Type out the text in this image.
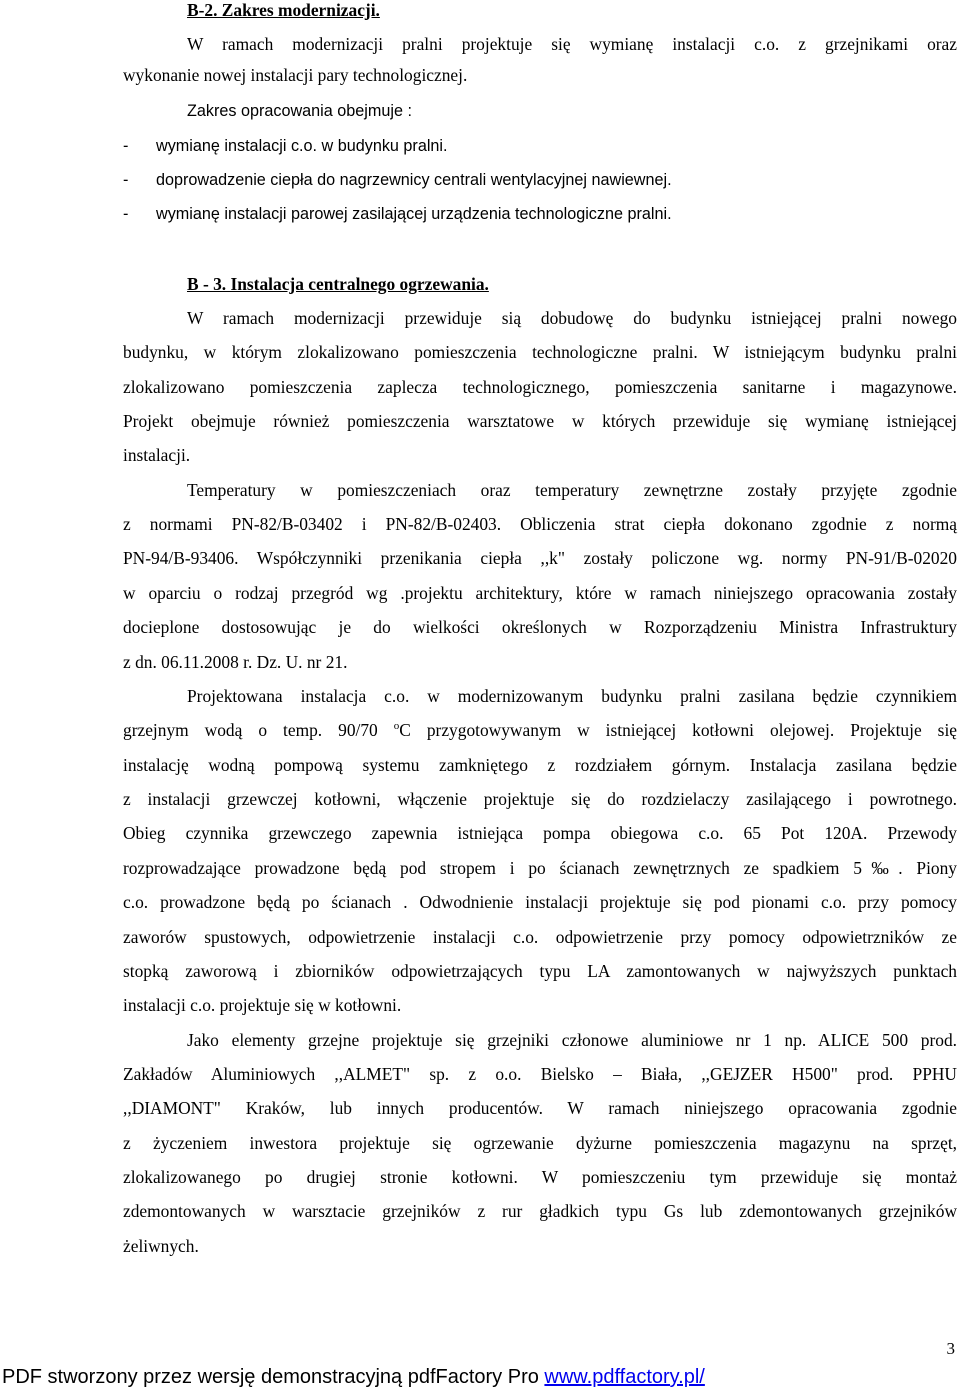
B-2. Zakres modernizacji.
W ramach modernizacji pralni projektuje się wymianę instalacji c.o. z grzejnikami oraz
wykonanie nowej instalacji pary technologicznej.
Zakres opracowania obejmuje :
- wymianę instalacji c.o. w budynku pralni.
- doprowadzenie ciepła do nagrzewnicy centrali wentylacyjnej nawiewnej.
- wymianę instalacji parowej zasilającej urządzenia technologiczne pralni.
B - 3. Instalacja centralnego ogrzewania.
W ramach modernizacji przewiduje sią dobudowę do budynku istniejącej pralni nowego
budynku, w którym zlokalizowano pomieszczenia technologiczne pralni. W istniejącym budynku pralni
zlokalizowano pomieszczenia zaplecza technologicznego, pomieszczenia sanitarne i magazynowe.
Projekt obejmuje również pomieszczenia warsztatowe w których przewiduje się wymianę istniejącej
instalacji.
Temperatury w pomieszczeniach oraz temperatury zewnętrzne zostały przyjęte zgodnie
z normami PN-82/B-03402 i PN-82/B-02403. Obliczenia strat ciepła dokonano zgodnie z normą
PN-94/B-93406. Współczynniki przenikania ciepła ,,k" zostały policzone wg. normy PN-91/B-02020
w oparciu o rodzaj przegród wg .projektu architektury, które w ramach niniejszego opracowania zostały
docieplone dostosowując je do wielkości określonych w Rozporządzeniu Ministra Infrastruktury
z dn. 06.11.2008 r. Dz. U. nr 21.
Projektowana instalacja c.o. w modernizowanym budynku pralni zasilana będzie czynnikiem
grzejnym wodą o temp. 90/70 $^o$C przygotowywanym w istniejącej kotłowni olejowej. Projektuje się
instalację wodną pompową systemu zamkniętego z rozdziałem górnym. Instalacja zasilana będzie
z instalacji grzewczej kotłowni, włączenie projektuje się do rozdzielaczy zasilającego i powrotnego.
Obieg czynnika grzewczego zapewnia istniejąca pompa obiegowa c.o. 65 Pot 120A. Przewody
rozprowadzające prowadzone będą pod stropem i po ścianach zewnętrznych ze spadkiem 5‰. Piony
c.o. prowadzone będą po ścianach . Odwodnienie instalacji projektuje się pod pionami c.o. przy pomocy
zaworów spustowych, odpowietrzenie instalacji c.o. odpowietrzenie przy pomocy odpowietrzników ze
stopką zaworową i zbiorników odpowietrzających typu LA zamontowanych w najwyższych punktach
instalacji c.o. projektuje się w kotłowni.
Jako elementy grzejne projektuje się grzejniki członowe aluminiowe nr 1 np. ALICE 500 prod.
Zakładów Aluminiowych ,,ALMET" sp. z o.o. Bielsko – Biała, ,,GEJZER H500" prod. PPHU
,,DIAMONT" Kraków, lub innych producentów. W ramach niniejszego opracowania zgodnie
z życzeniem inwestora projektuje się ogrzewanie dyżurne pomieszczenia magazynu na sprzęt,
zlokalizowanego po drugiej stronie kotłowni. W pomieszczeniu tym przewiduje się montaż
zdemontowanych w warsztacie grzejników z rur gładkich typu Gs lub zdemontowanych grzejników
żeliwnych.
3
PDF stworzony przez wersję demonstracyjną pdfFactory Pro www.pdffactory.pl/
